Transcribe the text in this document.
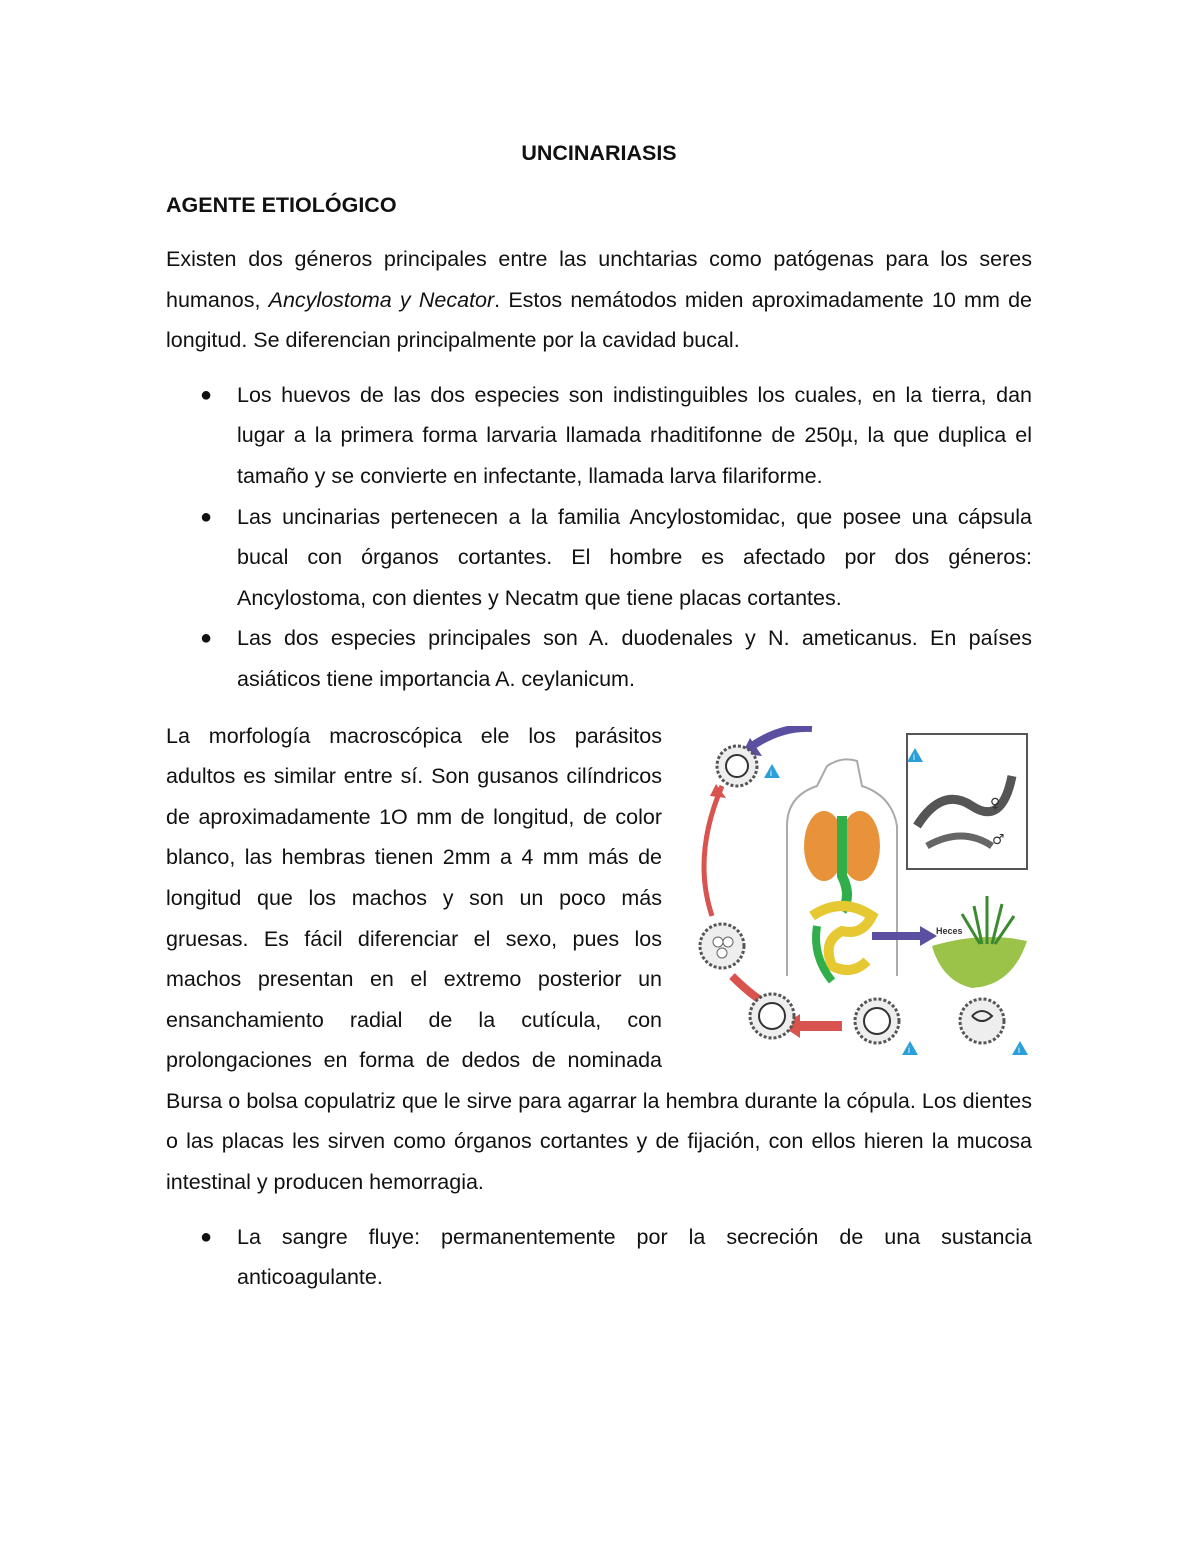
UNCINARIASIS
AGENTE ETIOLÓGICO

Existen dos géneros principales entre las unchtarias como patógenas para los seres humanos, Ancylostoma y Necator. Estos nemátodos miden aproximadamente 10 mm de longitud. Se diferencian principalmente por la cavidad bucal.

● Los huevos de las dos especies son indistinguibles los cuales, en la tierra, dan lugar a la primera forma larvaria llamada rhaditifonne de 250µ, la que duplica el tamaño y se convierte en infectante, llamada larva filariforme.
● Las uncinarias pertenecen a la familia Ancylostomidac, que posee una cápsula bucal con órganos cortantes. El hombre es afectado por dos géneros: Ancylostoma, con dientes y Necatm que tiene placas cortantes.
● Las dos especies principales son A. duodenales y N. ameticanus. En países asiáticos tiene importancia A. ceylanicum.
♀
♂
Heces
i
i
i	i

La morfología macroscópica ele los parásitos adultos es similar entre sí. Son gusanos cilíndricos de aproximadamente 1O mm de longitud, de color blanco, las hembras tienen 2mm a 4 mm más de longitud que los machos y son un poco más gruesas. Es fácil diferenciar el sexo, pues los machos presentan en el extremo posterior un ensanchamiento radial de la cutícula, con prolongaciones en forma de dedos de nominada Bursa o bolsa copulatriz que le sirve para agarrar la hembra durante la cópula. Los dientes o las placas les sirven como órganos cortantes y de fijación, con ellos hieren la mucosa intestinal y producen hemorragia.

● La sangre fluye: permanentemente por la secreción de una sustancia anticoagulante.
